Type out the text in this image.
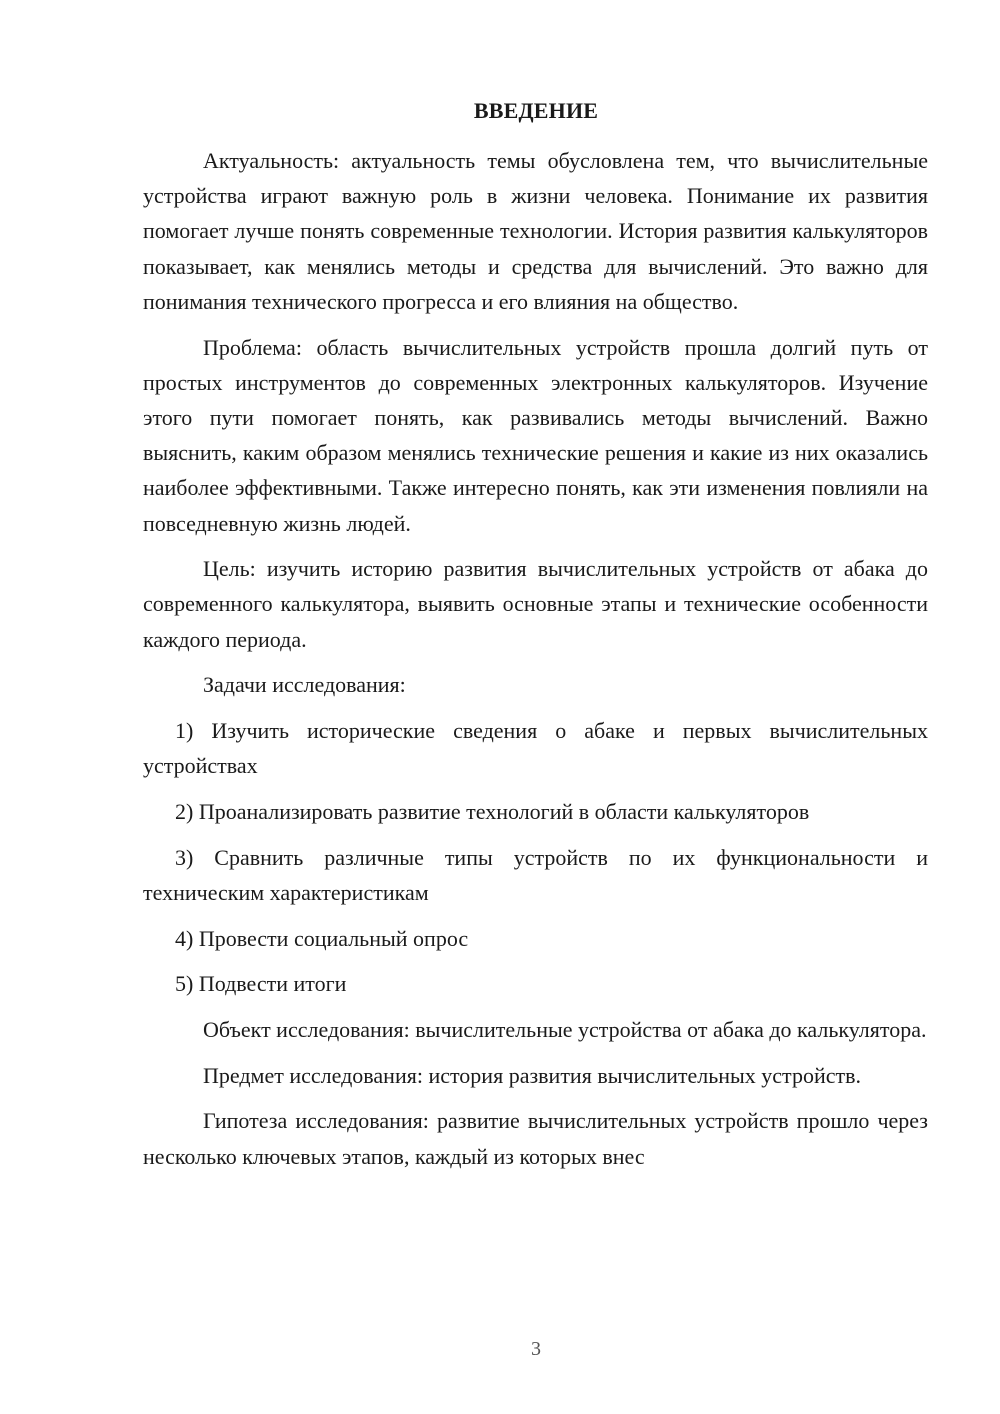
ВВЕДЕНИЕ

Актуальность: актуальность темы обусловлена тем, что вычислительные устройства играют важную роль в жизни человека. Понимание их развития помогает лучше понять современные технологии. История развития калькуляторов показывает, как менялись методы и средства для вычислений. Это важно для понимания технического прогресса и его влияния на общество.

Проблема: область вычислительных устройств прошла долгий путь от простых инструментов до современных электронных калькуляторов. Изучение этого пути помогает понять, как развивались методы вычислений. Важно выяснить, каким образом менялись технические решения и какие из них оказались наиболее эффективными. Также интересно понять, как эти изменения повлияли на повседневную жизнь людей.

Цель: изучить историю развития вычислительных устройств от абака до современного калькулятора, выявить основные этапы и технические особенности каждого периода.

Задачи исследования:

1) Изучить исторические сведения о абаке и первых вычислительных устройствах

2) Проанализировать развитие технологий в области калькуляторов

3) Сравнить различные типы устройств по их функциональности и техническим характеристикам

4) Провести социальный опрос

5) Подвести итоги

Объект исследования: вычислительные устройства от абака до калькулятора.

Предмет исследования: история развития вычислительных устройств.

Гипотеза исследования: развитие вычислительных устройств прошло через несколько ключевых этапов, каждый из которых внес

3
